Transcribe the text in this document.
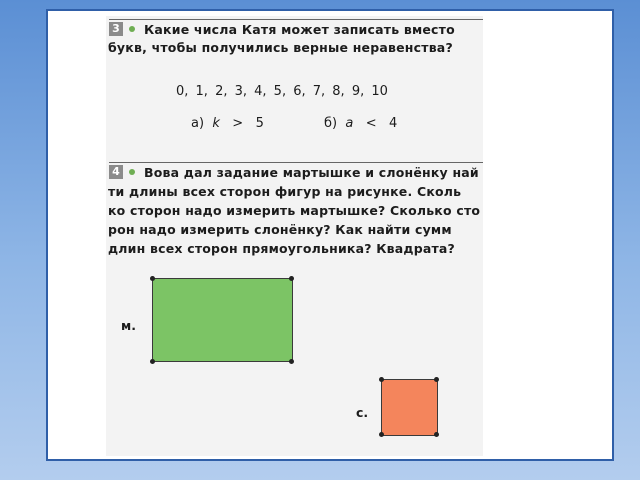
3 Какие числа Катя может записать вместо
букв, чтобы получились верные неравенства?
0, 1, 2, 3, 4, 5, 6, 7, 8, 9, 10
а) k > 5	б) a < 4
4 Вова дал задание мартышке и слонёнку най
ти длины всех сторон фигур на рисунке. Сколь
ко сторон надо измерить мартышке? Сколько сто
рон надо измерить слонёнку? Как найти сумм
длин всех сторон прямоугольника? Квадрата?
м.
с.
